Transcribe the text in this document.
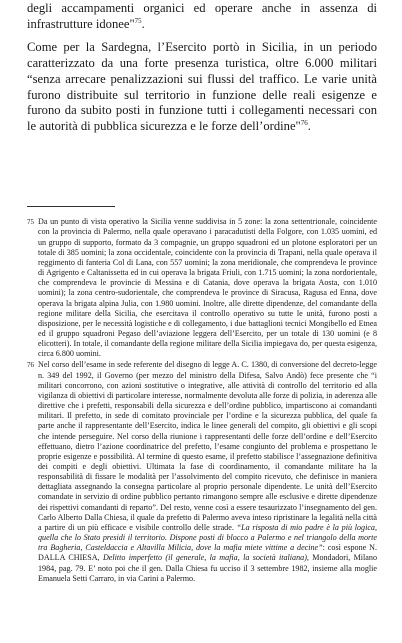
degli accampamenti organici ed operare anche in assenza di infrastrutture idonee"$^{75}$.

Come per la Sardegna, l’Esercito portò in Sicilia, in un periodo caratterizzato da una forte presenza turistica, oltre 6.000 militari “senza arrecare penalizzazioni sui flussi del traffico. Le varie unità furono distribuite sul territorio in funzione delle reali esigenze e furono da subito posti in funzione tutti i collegamenti necessari con le autorità di pubblica sicurezza e le forze dell’ordine"$^{76}$.

75 Da un punto di vista operativo la Sicilia venne suddivisa in 5 zone: la zona settentrionale, coincidente con la provincia di Palermo, nella quale operavano i paracadutisti della Folgore, con 1.035 uomini, ed un gruppo di supporto, formato da 3 compagnie, un gruppo squadroni ed un plotone esploratori per un totale di 385 uomini; la zona occidentale, coincidente con la provincia di Trapani, nella quale operava il reggimento di fanteria Col di Lana, con 557 uomini; la zona meridionale, che comprendeva le province di Agrigento e Caltanissetta ed in cui operava la brigata Friuli, con 1.715 uomini; la zona nordorientale, che comprendeva le provincie di Messina e di Catania, dove operava la brigata Aosta, con 1.010 uomini); la zona centro-sudorientale, che comprendeva le province di Siracusa, Ragusa ed Enna, dove operava la brigata alpina Julia, con 1.980 uomini. Inoltre, alle dirette dipendenze, del comandante della regione militare della Sicilia, che esercitava il controllo operativo su tutte le unità, furono posti a disposizione, per le necessità logistiche e di collegamento, i due battaglioni tecnici Mongibello ed Etnea ed il gruppo squadroni Pegaso dell’aviazione leggera dell’Esercito, per un totale di 130 uomini (e 8 elicotteri). In totale, il comandante della regione militare della Sicilia impiegava do, per questa esigenza, circa 6.800 uomini.

76 Nel corso dell’esame in sede referente del disegno di legge A. C. 1380, di conversione del decreto-legge n. 349 del 1992, il Governo (per mezzo del ministro della Difesa, Salvo Andò) fece presente che “i militari concorrono, con azioni sostitutive o integrative, alle attività di controllo del territorio ed alla vigilanza di obiettivi di particolare interesse, normalmente devoluta alle forze di polizia, in aderenza alle direttive che i prefetti, responsabili della sicurezza e dell’ordine pubblico, impartiscono ai comandanti militari. Il prefetto, in sede di comitato provinciale per l’ordine e la sicurezza pubblica, del quale fa parte anche il rappresentante dell’Esercito, indica le linee generali del compito, gli obiettivi e gli scopi che intende perseguire. Nel corso della riunione i rappresentanti delle forze dell’ordine e dell’Esercito effettuano, dietro l’azione coordinatrice del prefetto, l’esame congiunto del problema e prospettano le proprie esigenze e possibilità. Al termine di questo esame, il prefetto stabilisce l’assegnazione definitiva dei compiti e degli obiettivi. Ultimata la fase di coordinamento, il comandante militare ha la responsabilità di fissare le modalità per l’assolvimento del compito ricevuto, che definisce in maniera dettagliata assegnando la consegna particolare al proprio personale dipendente. Le unità dell’Esercito comandate in servizio di ordine pubblico pertanto rimangono sempre alle esclusive e dirette dipendenze dei rispettivi comandanti di reparto”. Del resto, venne così a essere tesaurizzato l’insegnamento del gen. Carlo Alberto Dalla Chiesa, il quale da prefetto di Palermo aveva inteso ripristinare la legalità nella città a partire di un più efficace e visibile controllo delle strade. “La risposta di mio padre è la più logica, quella che lo Stato presidi il territorio. Dispone posti di blocco a Palermo e nel triangolo della morte tra Bagheria, Casteldaccia e Altavilla Milicia, dove la mafia miete vittime a decine”: così espone N. DALLA CHIESA, Delitto imperfetto (il generale, la mafia, la società italiana), Mondadori, Milano 1984, pag. 79. E’ noto poi che il gen. Dalla Chiesa fu ucciso il 3 settembre 1982, insieme alla moglie Emanuela Setti Carraro, in via Carini a Palermo.
